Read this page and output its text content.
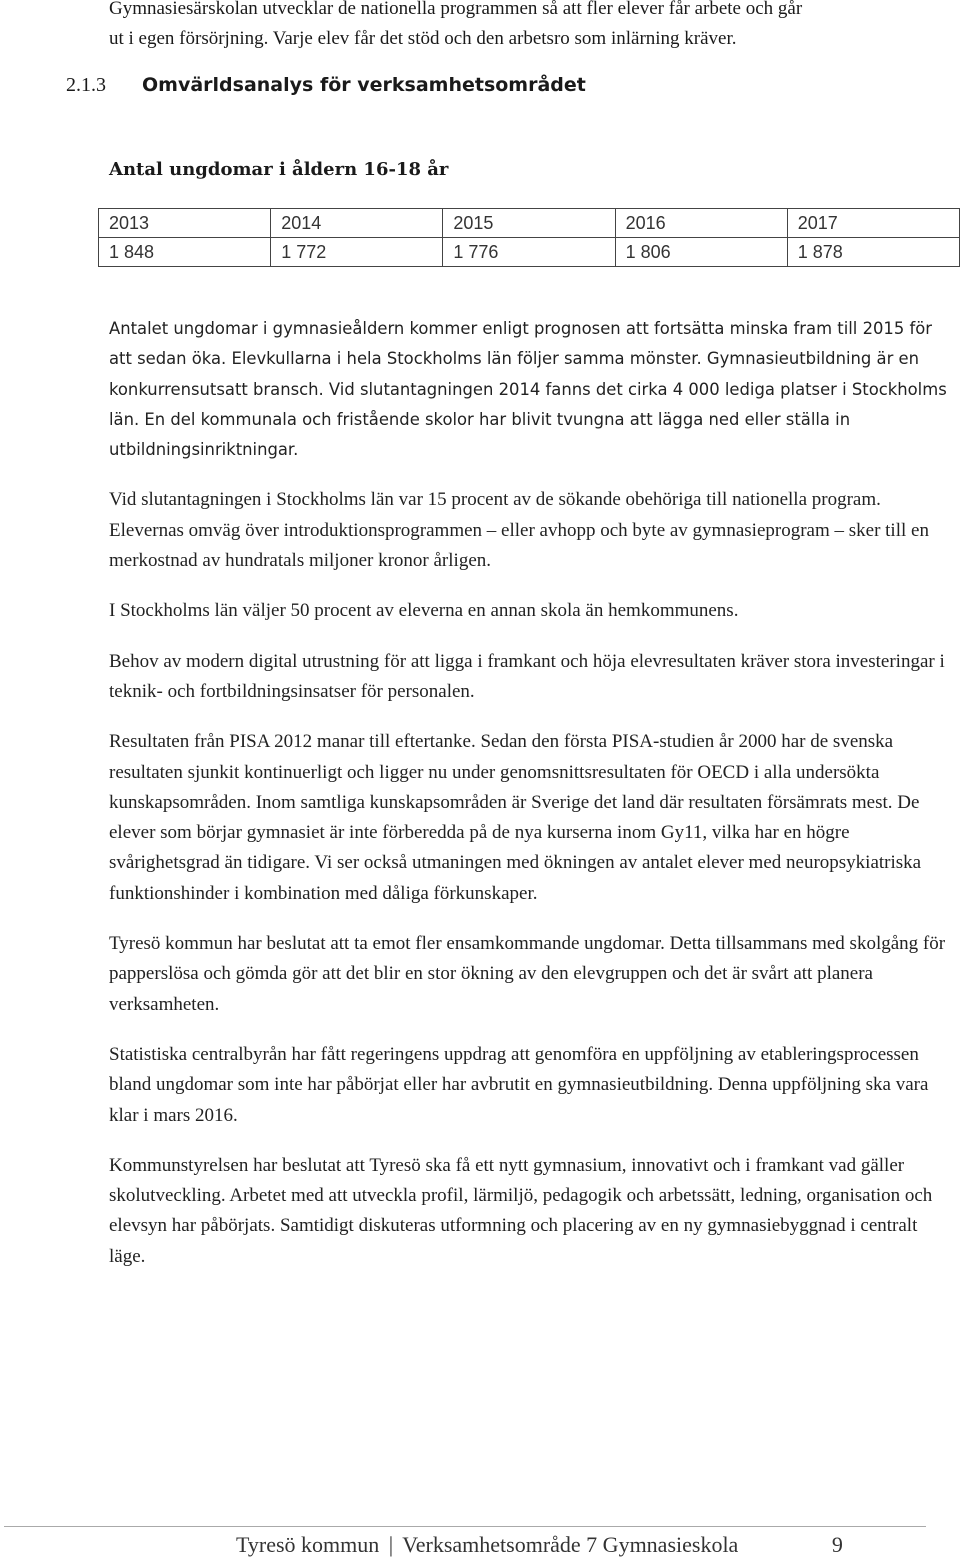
Gymnasiesärskolan utvecklar de nationella programmen så att fler elever får arbete och går
ut i egen försörjning. Varje elev får det stöd och den arbetsro som inlärning kräver.

2.1.3 Omvärldsanalys för verksamhetsområdet
Antal ungdomar i åldern 16-18 år
2013	2014	2015	2016	2017
1 848	1 772	1 776	1 806	1 878

Antalet ungdomar i gymnasieåldern kommer enligt prognosen att fortsätta minska fram till 2015 för att sedan öka. Elevkullarna i hela Stockholms län följer samma mönster. Gymnasieutbildning är en konkurrensutsatt bransch. Vid slutantagningen 2014 fanns det cirka 4 000 lediga platser i Stockholms län. En del kommunala och fristående skolor har blivit tvungna att lägga ned eller ställa in utbildningsinriktningar.

Vid slutantagningen i Stockholms län var 15 procent av de sökande obehöriga till nationella program. Elevernas omväg över introduktionsprogrammen – eller avhopp och byte av gymnasieprogram – sker till en merkostnad av hundratals miljoner kronor årligen.

I Stockholms län väljer 50 procent av eleverna en annan skola än hemkommunens.

Behov av modern digital utrustning för att ligga i framkant och höja elevresultaten kräver stora investeringar i teknik- och fortbildningsinsatser för personalen.

Resultaten från PISA 2012 manar till eftertanke. Sedan den första PISA-studien år 2000 har de svenska resultaten sjunkit kontinuerligt och ligger nu under genomsnittsresultaten för OECD i alla undersökta kunskapsområden. Inom samtliga kunskapsområden är Sverige det land där resultaten försämrats mest. De elever som börjar gymnasiet är inte förberedda på de nya kurserna inom Gy11, vilka har en högre svårighetsgrad än tidigare. Vi ser också utmaningen med ökningen av antalet elever med neuropsykiatriska funktionshinder i kombination med dåliga förkunskaper.

Tyresö kommun har beslutat att ta emot fler ensamkommande ungdomar. Detta tillsammans med skolgång för papperslösa och gömda gör att det blir en stor ökning av den elevgruppen och det är svårt att planera verksamheten.

Statistiska centralbyrån har fått regeringens uppdrag att genomföra en uppföljning av etableringsprocessen bland ungdomar som inte har påbörjat eller har avbrutit en gymnasieutbildning. Denna uppföljning ska vara klar i mars 2016.

Kommunstyrelsen har beslutat att Tyresö ska få ett nytt gymnasium, innovativt och i framkant vad gäller skolutveckling. Arbetet med att utveckla profil, lärmiljö, pedagogik och arbetssätt, ledning, organisation och elevsyn har påbörjats. Samtidigt diskuteras utformning och placering av en ny gymnasiebyggnad i centralt läge.

Tyresö kommun | Verksamhetsområde 7 Gymnasieskola	9
